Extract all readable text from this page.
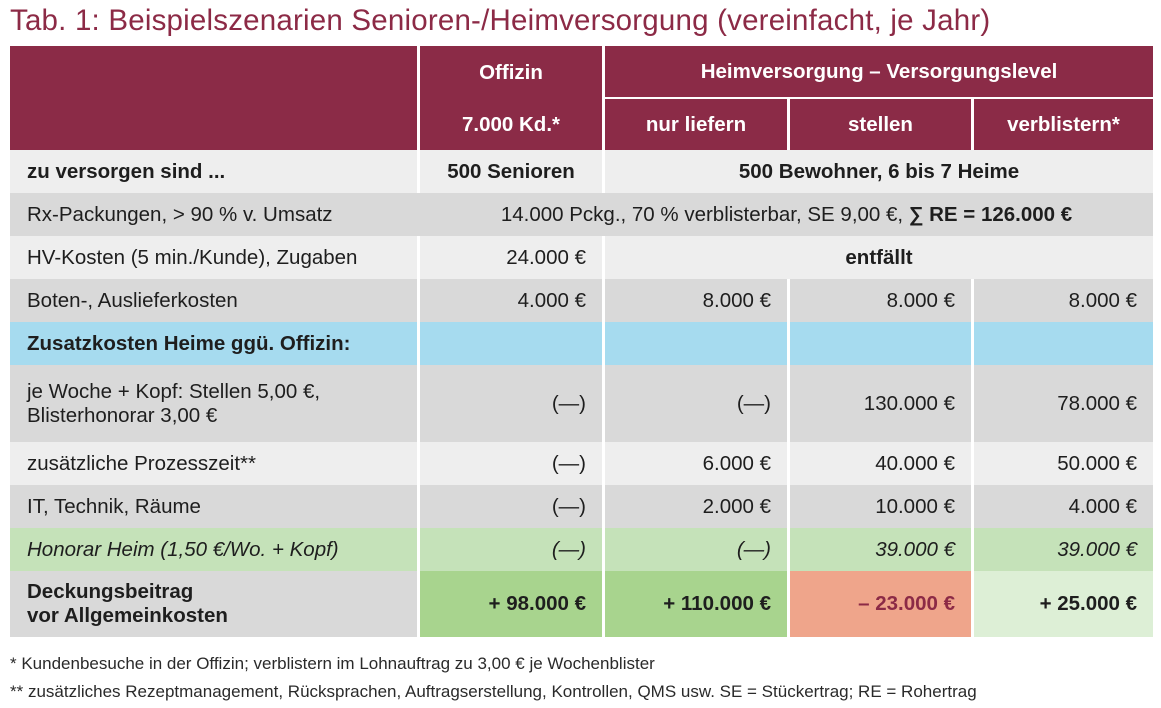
Tab. 1: Beispielszenarien Senioren-/Heimversorgung (vereinfacht, je Jahr)
	Offizin	Heimversorgung – Versorgungslevel		
	7.000 Kd.*	nur liefern	stellen	verblistern*
zu versorgen sind ...	500 Senioren	500 Bewohner, 6 bis 7 Heime		
Rx-Packungen, > 90 % v. Umsatz	14.000 Pckg., 70 % verblisterbar, SE 9,00 €, ∑ RE = 126.000 €			
HV-Kosten (5 min./Kunde), Zugaben	24.000 €	entfällt		
Boten-, Auslieferkosten	4.000 €	8.000 €	8.000 €	8.000 €
Zusatzkosten Heime ggü. Offizin:				

je Woche + Kopf: Stellen 5,00 €,
Blisterhonorar 3,00 €	(—)	(—)	130.000 €	78.000 €
zusätzliche Prozesszeit**	(—)	6.000 €	40.000 €	50.000 €
IT, Technik, Räume	(—)	2.000 €	10.000 €	4.000 €
Honorar Heim (1,50 €/Wo. + Kopf)	(—)	(—)	39.000 €	39.000 €

Deckungsbeitrag
vor Allgemeinkosten	+ 98.000 €	+ 110.000 €	– 23.000 €	+ 25.000 €
* Kundenbesuche in der Offizin; verblistern im Lohnauftrag zu 3,00 € je Wochenblister
** zusätzliches Rezeptmanagement, Rücksprachen, Auftragserstellung, Kontrollen, QMS usw. SE = Stückertrag; RE = Rohertrag
